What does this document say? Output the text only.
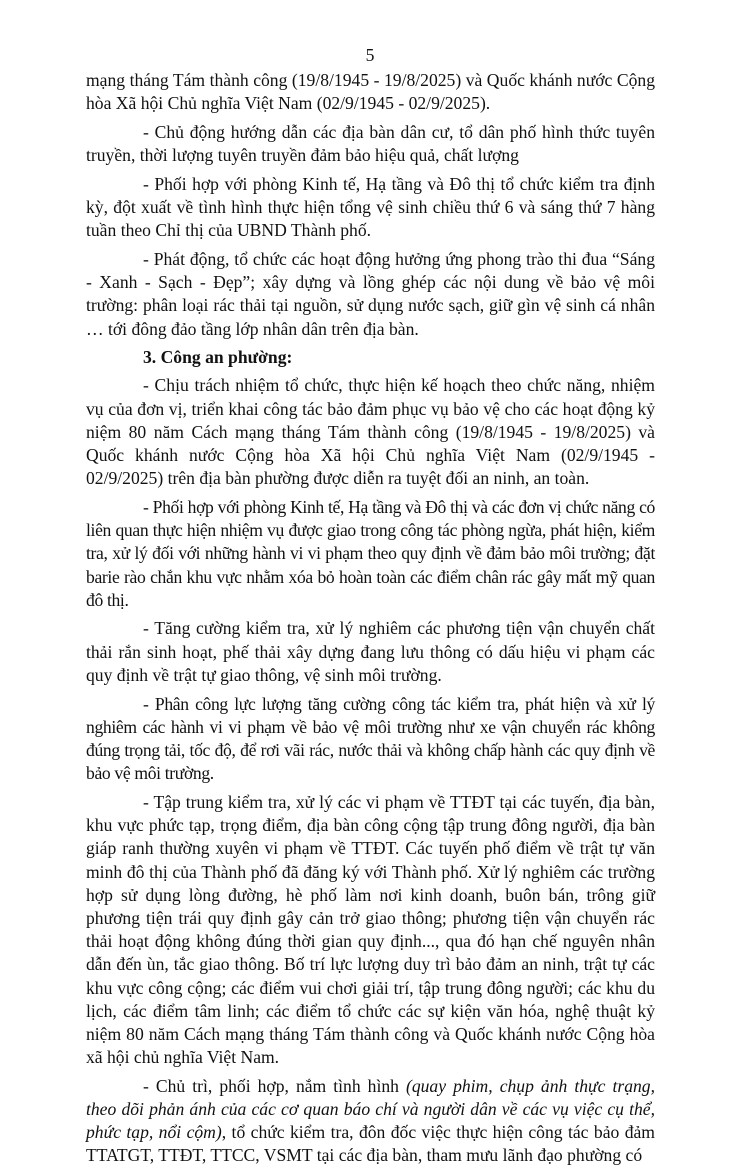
5

mạng tháng Tám thành công (19/8/1945 - 19/8/2025) và Quốc khánh nước Cộng hòa Xã hội Chủ nghĩa Việt Nam (02/9/1945 - 02/9/2025).

- Chủ động hướng dẫn các địa bàn dân cư, tổ dân phố hình thức tuyên truyền, thời lượng tuyên truyền đảm bảo hiệu quả, chất lượng

- Phối hợp với phòng Kinh tế, Hạ tầng và Đô thị tổ chức kiểm tra định kỳ, đột xuất về tình hình thực hiện tổng vệ sinh chiều thứ 6 và sáng thứ 7 hàng tuần theo Chỉ thị của UBND Thành phố.

- Phát động, tổ chức các hoạt động hưởng ứng phong trào thi đua “Sáng - Xanh - Sạch - Đẹp”; xây dựng và lồng ghép các nội dung về bảo vệ môi trường: phân loại rác thải tại nguồn, sử dụng nước sạch, giữ gìn vệ sinh cá nhân … tới đông đảo tầng lớp nhân dân trên địa bàn.

3. Công an phường:

- Chịu trách nhiệm tổ chức, thực hiện kế hoạch theo chức năng, nhiệm vụ của đơn vị, triển khai công tác bảo đảm phục vụ bảo vệ cho các hoạt động kỷ niệm 80 năm Cách mạng tháng Tám thành công (19/8/1945 - 19/8/2025) và Quốc khánh nước Cộng hòa Xã hội Chủ nghĩa Việt Nam (02/9/1945 - 02/9/2025) trên địa bàn phường được diễn ra tuyệt đối an ninh, an toàn.

- Phối hợp với phòng Kinh tế, Hạ tầng và Đô thị và các đơn vị chức năng có liên quan thực hiện nhiệm vụ được giao trong công tác phòng ngừa, phát hiện, kiểm tra, xử lý đối với những hành vi vi phạm theo quy định về đảm bảo môi trường; đặt barie rào chắn khu vực nhằm xóa bỏ hoàn toàn các điểm chân rác gây mất mỹ quan đô thị.

- Tăng cường kiểm tra, xử lý nghiêm các phương tiện vận chuyển chất thải rắn sinh hoạt, phế thải xây dựng đang lưu thông có dấu hiệu vi phạm các quy định về trật tự giao thông, vệ sinh môi trường.

- Phân công lực lượng tăng cường công tác kiểm tra, phát hiện và xử lý nghiêm các hành vi vi phạm về bảo vệ môi trường như xe vận chuyển rác không đúng trọng tải, tốc độ, để rơi vãi rác, nước thải và không chấp hành các quy định về bảo vệ môi trường.

- Tập trung kiểm tra, xử lý các vi phạm về TTĐT tại các tuyến, địa bàn, khu vực phức tạp, trọng điểm, địa bàn công cộng tập trung đông người, địa bàn giáp ranh thường xuyên vi phạm về TTĐT. Các tuyến phố điểm về trật tự văn minh đô thị của Thành phố đã đăng ký với Thành phố. Xử lý nghiêm các trường hợp sử dụng lòng đường, hè phố làm nơi kinh doanh, buôn bán, trông giữ phương tiện trái quy định gây cản trở giao thông; phương tiện vận chuyển rác thải hoạt động không đúng thời gian quy định..., qua đó hạn chế nguyên nhân dẫn đến ùn, tắc giao thông. Bố trí lực lượng duy trì bảo đảm an ninh, trật tự các khu vực công cộng; các điểm vui chơi giải trí, tập trung đông người; các khu du lịch, các điểm tâm linh; các điểm tổ chức các sự kiện văn hóa, nghệ thuật kỷ niệm 80 năm Cách mạng tháng Tám thành công và Quốc khánh nước Cộng hòa xã hội chủ nghĩa Việt Nam.

- Chủ trì, phối hợp, nắm tình hình (quay phim, chụp ảnh thực trạng, theo dõi phản ánh của các cơ quan báo chí và người dân về các vụ việc cụ thể, phức tạp, nổi cộm), tổ chức kiểm tra, đôn đốc việc thực hiện công tác bảo đảm TTATGT, TTĐT, TTCC, VSMT tại các địa bàn, tham mưu lãnh đạo phường có
